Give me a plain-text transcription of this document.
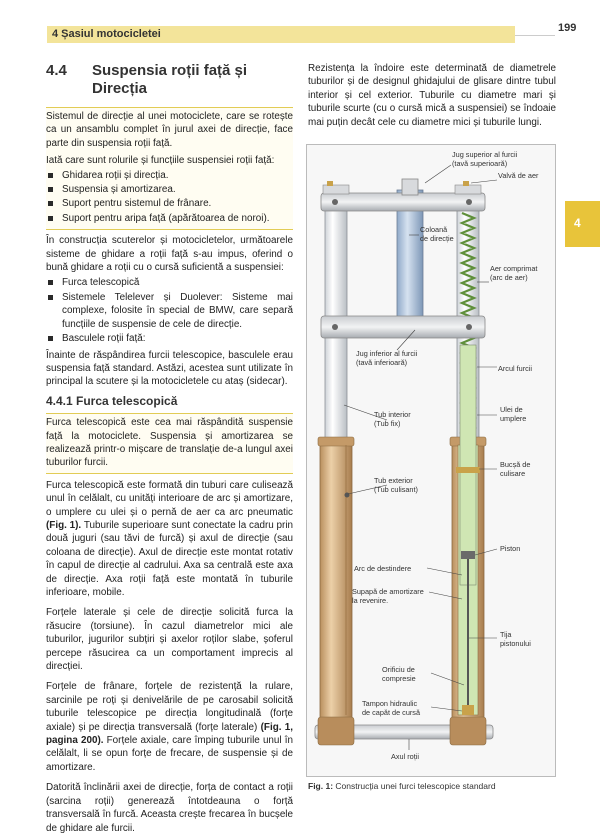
4 Șasiul motocicletei	199
4
4.4	Suspensia roții față și
Direcția

Sistemul de direcție al unei motociclete, care se rotește ca un ansamblu complet în jurul axei de direcție, face parte din suspensia roții față.

Iată care sunt rolurile și funcțiile suspensiei roții față:

Ghidarea roții și direcția.
Suspensia și amortizarea.
Suport pentru sistemul de frânare.
Suport pentru aripa față (apărătoarea de noroi).

În construcția scuterelor și motocicletelor, următoarele sisteme de ghidare a roții față s-au impus, oferind o bună ghidare a roții cu o cursă suficientă a suspensiei:

Furca telescopică
Sistemele Telelever și Duolever: Sisteme mai complexe, folosite în special de BMW, care separă funcțiile de suspensie de cele de direcție.
Basculele roții față:

Înainte de răspândirea furcii telescopice, basculele erau suspensia față standard. Astăzi, acestea sunt utilizate în principal la scutere și la motocicletele cu ataș (sidecar).

4.4.1 Furca telescopică

Furca telescopică este cea mai răspândită suspensie față la motociclete. Suspensia și amortizarea se realizează printr-o mișcare de translație de-a lungul axei tuburilor furcii.

Furca telescopică este formată din tuburi care culisează unul în celălalt, cu unități interioare de arc și amortizare, o umplere cu ulei și o pernă de aer ca arc pneumatic (Fig. 1). Tuburile superioare sunt conectate la cadru prin două juguri (sau tăvi de furcă) și axul de direcție (sau coloana de direcție). Axul de direcție este montat rotativ în capul de direcție al cadrului. Axa sa centrală este axa de direcție. Axa roții față este montată în tuburile inferioare, mobile.

Forțele laterale și cele de direcție solicită furca la răsucire (torsiune). În cazul diametrelor mici ale tuburilor, jugurilor subțiri și axelor roților slabe, șoferul percepe răsucirea ca un comportament imprecis al direcției.

Forțele de frânare, forțele de rezistență la rulare, sarcinile pe roți și denivelările de pe carosabil solicită tuburile telescopice pe direcția longitudinală (forțe axiale) și pe direcția transversală (forțe laterale) (Fig. 1, pagina 200). Forțele axiale, care împing tuburile unul în celălalt, li se opun forțe de frecare, de suspensie și de amortizare.

Datorită înclinării axei de direcție, forța de contact a roții (sarcina roții) generează întotdeauna o forță transversală în furcă. Aceasta crește frecarea în bucșele de ghidare ale furcii.

Rezistența la îndoire este determinată de diametrele tuburilor și de designul ghidajului de glisare dintre tubul interior și cel exterior. Tuburile cu diametre mari și tuburile scurte (cu o cursă mică a suspensiei) se îndoaie mai puțin decât cele cu diametre mici și tuburile lungi.
Jug superior al furcii
(tavă superioară)
Valvă de aer
Coloană
de direcție
Aer comprimat
(arc de aer)
Jug inferior al furcii
(tavă inferioară)
Arcul furcii
Ulei de
umplere
Tub interior
(Tub fix)
Bucșă de
culisare
Tub exterior
(Tub culisant)
Piston
Arc de destindere
Supapă de amortizare
la revenire.
Tija
pistonului
Orificiu de
compresie
Tampon hidraulic
de capăt de cursă
Axul roții
Fig. 1: Construcția unei furci telescopice standard
